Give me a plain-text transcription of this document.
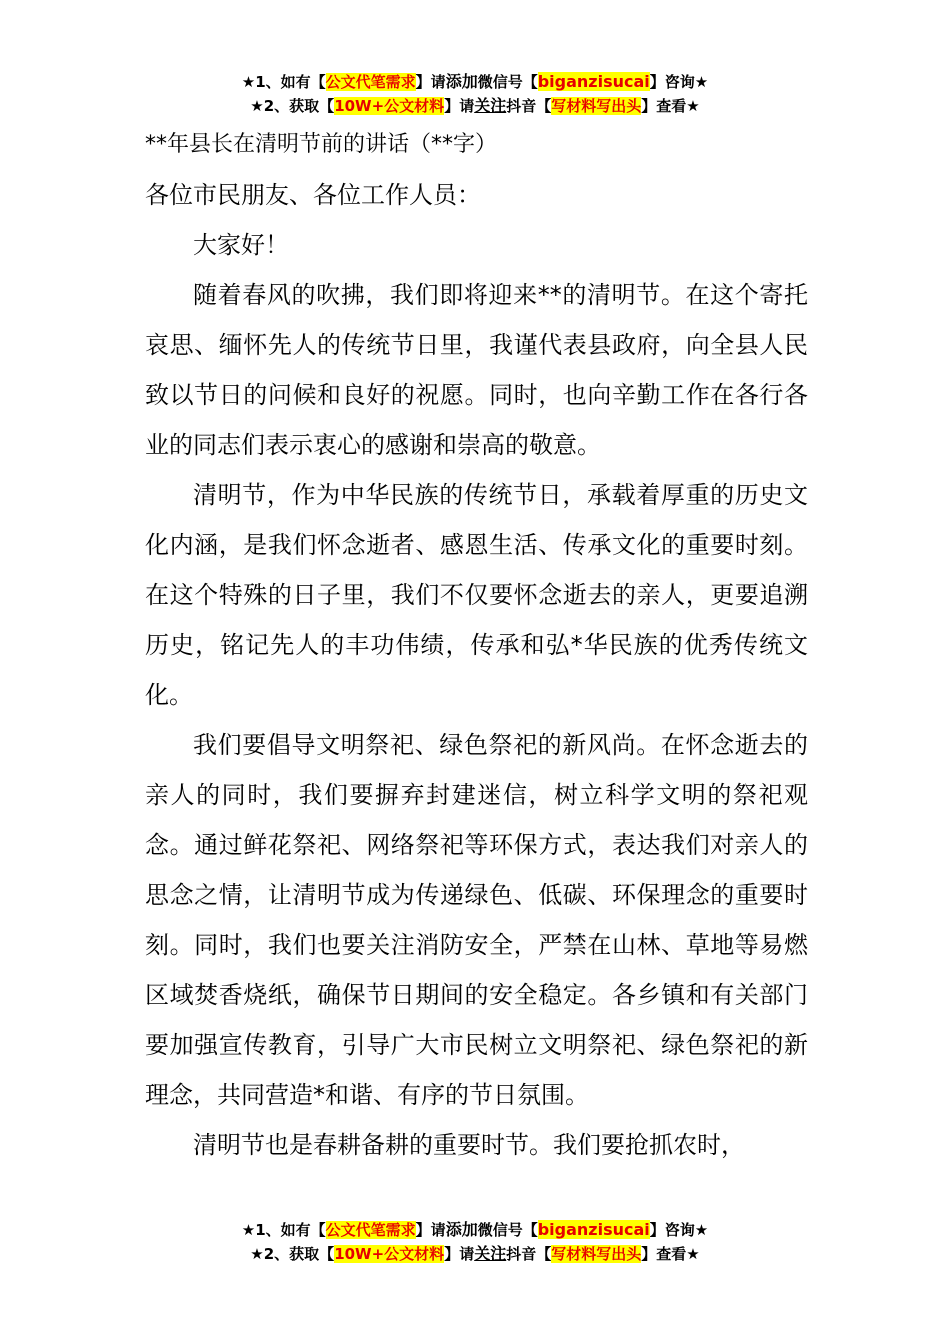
★1、如有【公文代笔需求】请添加微信号【biganzisucai】咨询★
★2、获取【10W+公文材料】请关注抖音【写材料写出头】查看★

**年县长在清明节前的讲话（**字）

各位市民朋友、各位工作人员：

大家好！

随着春风的吹拂，我们即将迎来**的清明节。在这个寄托哀思、缅怀先人的传统节日里，我谨代表县政府，向全县人民致以节日的问候和良好的祝愿。同时，也向辛勤工作在各行各业的同志们表示衷心的感谢和崇高的敬意。

清明节，作为中华民族的传统节日，承载着厚重的历史文化内涵，是我们怀念逝者、感恩生活、传承文化的重要时刻。在这个特殊的日子里，我们不仅要怀念逝去的亲人，更要追溯历史，铭记先人的丰功伟绩，传承和弘*华民族的优秀传统文化。

我们要倡导文明祭祀、绿色祭祀的新风尚。在怀念逝去的亲人的同时，我们要摒弃封建迷信，树立科学文明的祭祀观念。通过鲜花祭祀、网络祭祀等环保方式，表达我们对亲人的思念之情，让清明节成为传递绿色、低碳、环保理念的重要时刻。同时，我们也要关注消防安全，严禁在山林、草地等易燃区域焚香烧纸，确保节日期间的安全稳定。各乡镇和有关部门要加强宣传教育，引导广大市民树立文明祭祀、绿色祭祀的新理念，共同营造*和谐、有序的节日氛围。

清明节也是春耕备耕的重要时节。我们要抢抓农时，

★1、如有【公文代笔需求】请添加微信号【biganzisucai】咨询★
★2、获取【10W+公文材料】请关注抖音【写材料写出头】查看★
